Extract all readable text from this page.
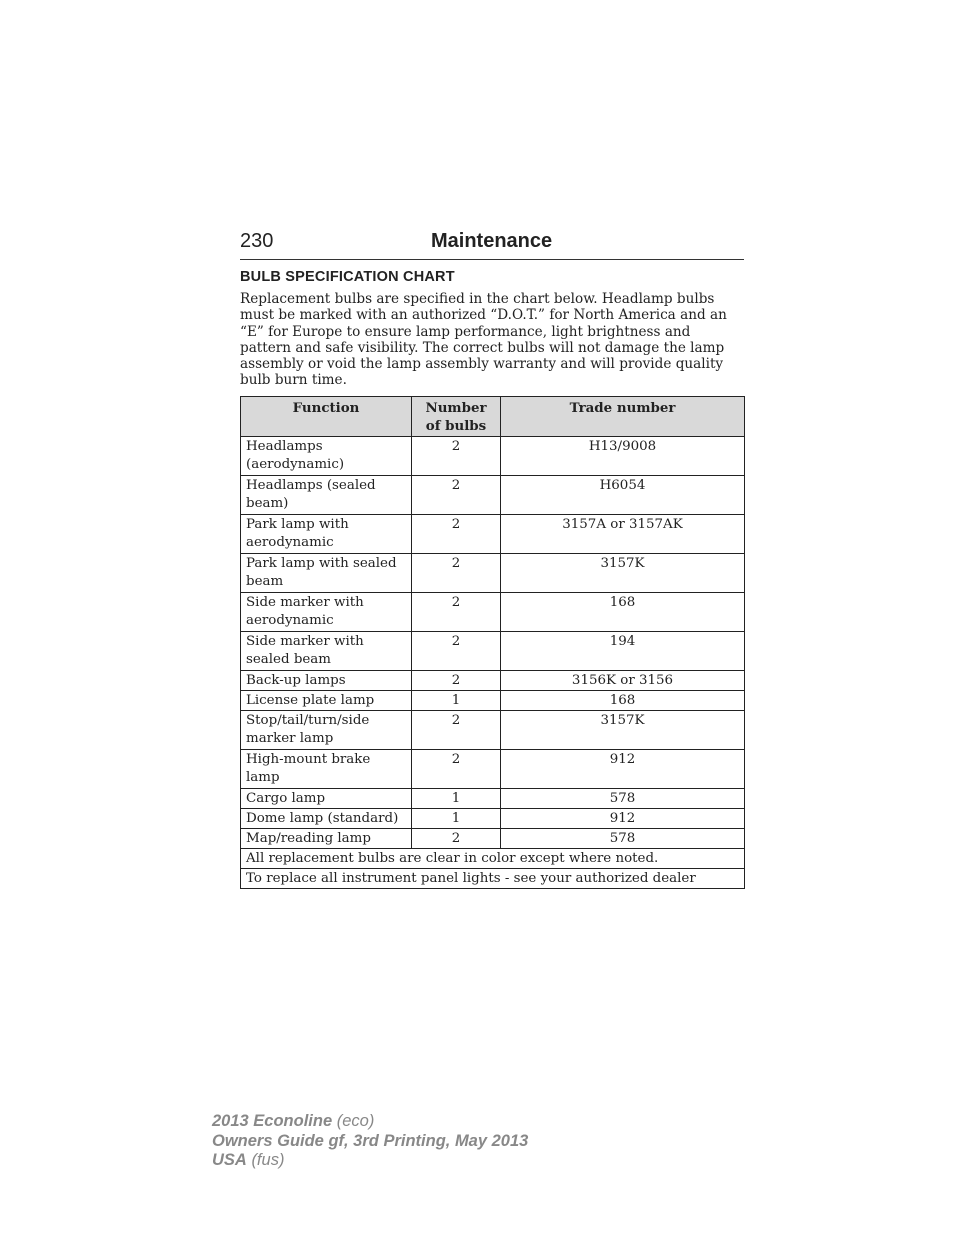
230	Maintenance
BULB SPECIFICATION CHART

Replacement bulbs are specified in the chart below. Headlamp bulbs must be marked with an authorized “D.O.T.” for North America and an “E” for Europe to ensure lamp performance, light brightness and pattern and safe visibility. The correct bulbs will not damage the lamp assembly or void the lamp assembly warranty and will provide quality bulb burn time.

Function	Number of bulbs	Trade number
Headlamps (aerodynamic)	2	H13/9008
Headlamps (sealed beam)	2	H6054
Park lamp with aerodynamic	2	3157A or 3157AK
Park lamp with sealed beam	2	3157K
Side marker with aerodynamic	2	168
Side marker with sealed beam	2	194
Back-up lamps	2	3156K or 3156
License plate lamp	1	168
Stop/tail/turn/side marker lamp	2	3157K
High-mount brake lamp	2	912
Cargo lamp	1	578
Dome lamp (standard)	1	912
Map/reading lamp	2	578
All replacement bulbs are clear in color except where noted.		
To replace all instrument panel lights - see your authorized dealer		
2013 Econoline (eco)
Owners Guide gf, 3rd Printing, May 2013
USA (fus)
